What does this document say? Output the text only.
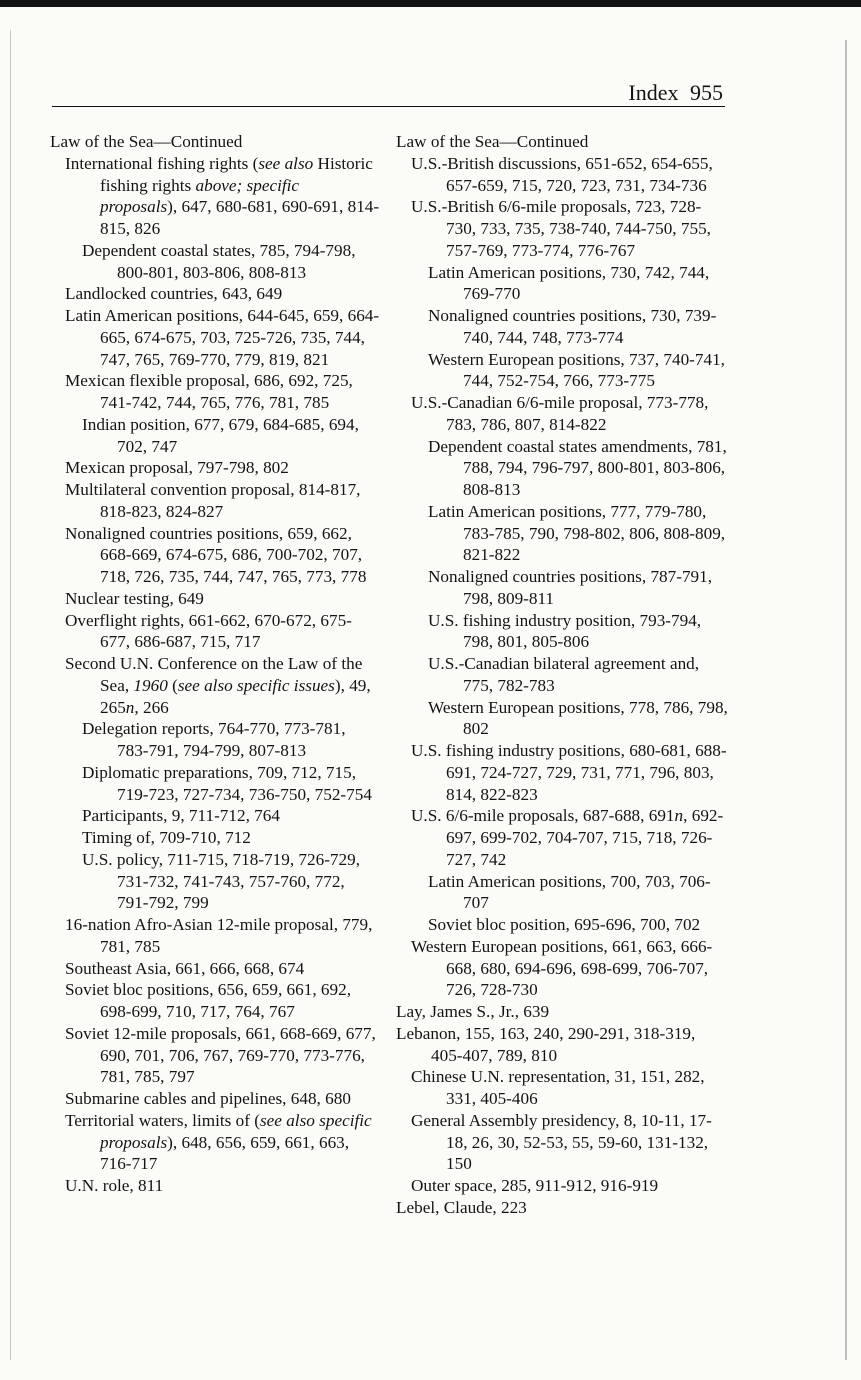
Index 955

Law of the Sea—Continued

International fishing rights (see also Historic fishing rights above; specific proposals), 647, 680-681, 690-691, 814-815, 826

Dependent coastal states, 785, 794-798, 800-801, 803-806, 808-813

Landlocked countries, 643, 649

Latin American positions, 644-645, 659, 664-665, 674-675, 703, 725-726, 735, 744, 747, 765, 769-770, 779, 819, 821

Mexican flexible proposal, 686, 692, 725, 741-742, 744, 765, 776, 781, 785

Indian position, 677, 679, 684-685, 694, 702, 747

Mexican proposal, 797-798, 802

Multilateral convention proposal, 814-817, 818-823, 824-827

Nonaligned countries positions, 659, 662, 668-669, 674-675, 686, 700-702, 707, 718, 726, 735, 744, 747, 765, 773, 778

Nuclear testing, 649

Overflight rights, 661-662, 670-672, 675-677, 686-687, 715, 717

Second U.N. Conference on the Law of the Sea, 1960 (see also specific issues), 49, 265n, 266

Delegation reports, 764-770, 773-781, 783-791, 794-799, 807-813

Diplomatic preparations, 709, 712, 715, 719-723, 727-734, 736-750, 752-754

Participants, 9, 711-712, 764

Timing of, 709-710, 712

U.S. policy, 711-715, 718-719, 726-729, 731-732, 741-743, 757-760, 772, 791-792, 799

16-nation Afro-Asian 12-mile proposal, 779, 781, 785

Southeast Asia, 661, 666, 668, 674

Soviet bloc positions, 656, 659, 661, 692, 698-699, 710, 717, 764, 767

Soviet 12-mile proposals, 661, 668-669, 677, 690, 701, 706, 767, 769-770, 773-776, 781, 785, 797

Submarine cables and pipelines, 648, 680

Territorial waters, limits of (see also specific proposals), 648, 656, 659, 661, 663, 716-717

U.N. role, 811

Law of the Sea—Continued

U.S.-British discussions, 651-652, 654-655, 657-659, 715, 720, 723, 731, 734-736

U.S.-British 6/6-mile proposals, 723, 728-730, 733, 735, 738-740, 744-750, 755, 757-769, 773-774, 776-767

Latin American positions, 730, 742, 744, 769-770

Nonaligned countries positions, 730, 739-740, 744, 748, 773-774

Western European positions, 737, 740-741, 744, 752-754, 766, 773-775

U.S.-Canadian 6/6-mile proposal, 773-778, 783, 786, 807, 814-822

Dependent coastal states amendments, 781, 788, 794, 796-797, 800-801, 803-806, 808-813

Latin American positions, 777, 779-780, 783-785, 790, 798-802, 806, 808-809, 821-822

Nonaligned countries positions, 787-791, 798, 809-811

U.S. fishing industry position, 793-794, 798, 801, 805-806

U.S.-Canadian bilateral agreement and, 775, 782-783

Western European positions, 778, 786, 798, 802

U.S. fishing industry positions, 680-681, 688-691, 724-727, 729, 731, 771, 796, 803, 814, 822-823

U.S. 6/6-mile proposals, 687-688, 691n, 692-697, 699-702, 704-707, 715, 718, 726-727, 742

Latin American positions, 700, 703, 706-707

Soviet bloc position, 695-696, 700, 702

Western European positions, 661, 663, 666-668, 680, 694-696, 698-699, 706-707, 726, 728-730

Lay, James S., Jr., 639

Lebanon, 155, 163, 240, 290-291, 318-319, 405-407, 789, 810

Chinese U.N. representation, 31, 151, 282, 331, 405-406

General Assembly presidency, 8, 10-11, 17-18, 26, 30, 52-53, 55, 59-60, 131-132, 150

Outer space, 285, 911-912, 916-919

Lebel, Claude, 223
